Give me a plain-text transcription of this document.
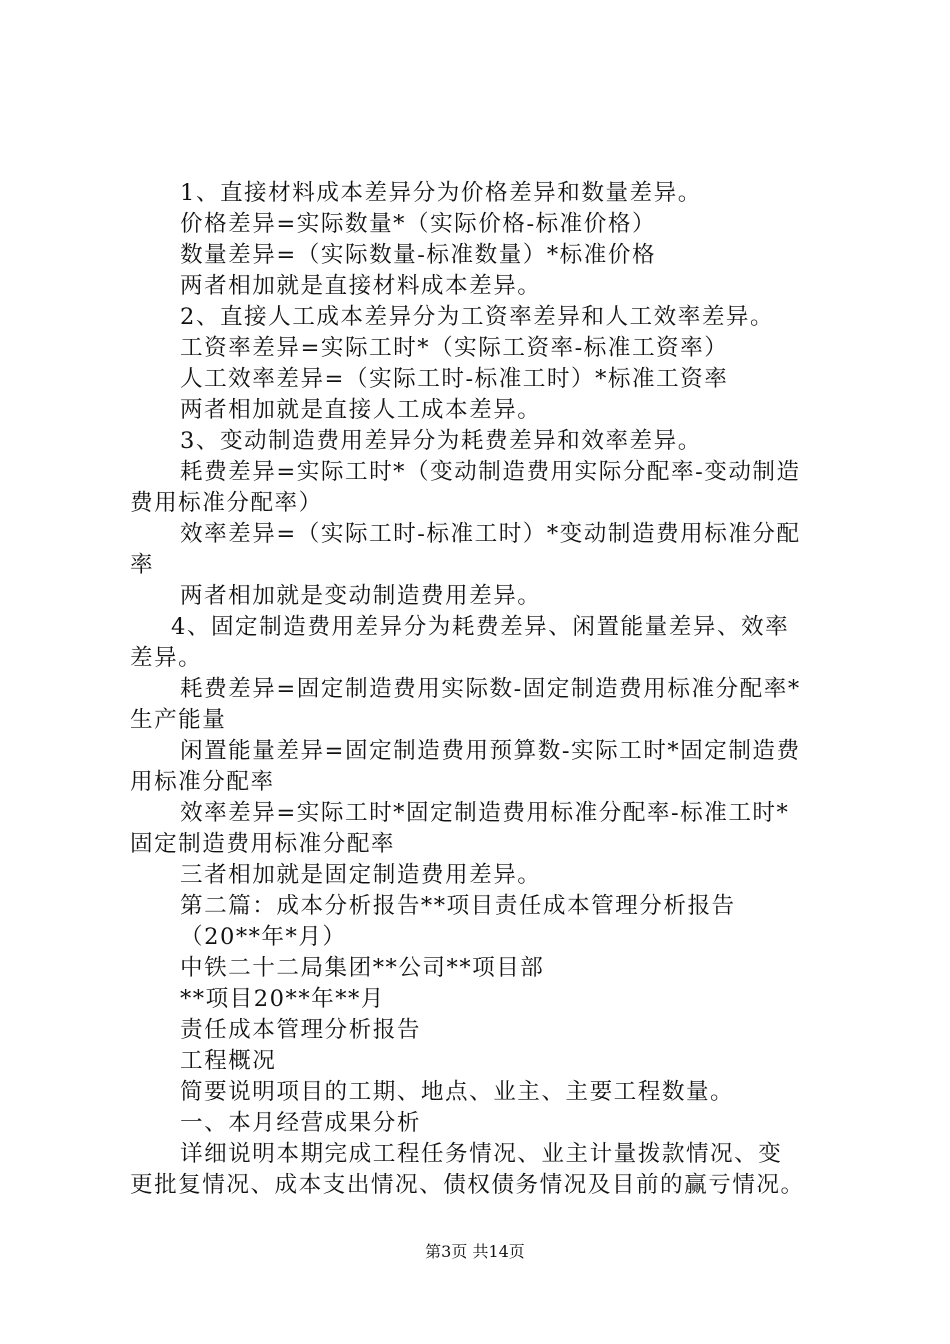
1、直接材料成本差异分为价格差异和数量差异。
价格差异=实际数量*（实际价格-标准价格）
数量差异=（实际数量-标准数量）*标准价格
两者相加就是直接材料成本差异。
2、直接人工成本差异分为工资率差异和人工效率差异。
工资率差异=实际工时*（实际工资率-标准工资率）
人工效率差异=（实际工时-标准工时）*标准工资率
两者相加就是直接人工成本差异。
3、变动制造费用差异分为耗费差异和效率差异。
耗费差异=实际工时*（变动制造费用实际分配率-变动制造
费用标准分配率）
效率差异=（实际工时-标准工时）*变动制造费用标准分配
率
两者相加就是变动制造费用差异。
4、固定制造费用差异分为耗费差异、闲置能量差异、效率
差异。
耗费差异=固定制造费用实际数-固定制造费用标准分配率*
生产能量
闲置能量差异=固定制造费用预算数-实际工时*固定制造费
用标准分配率
效率差异=实际工时*固定制造费用标准分配率-标准工时*
固定制造费用标准分配率
三者相加就是固定制造费用差异。
第二篇：成本分析报告**项目责任成本管理分析报告
（20**年*月）
中铁二十二局集团**公司**项目部
**项目20**年**月
责任成本管理分析报告
工程概况
简要说明项目的工期、地点、业主、主要工程数量。
一、本月经营成果分析
详细说明本期完成工程任务情况、业主计量拨款情况、变
更批复情况、成本支出情况、债权债务情况及目前的赢亏情况。
第3页 共14页
